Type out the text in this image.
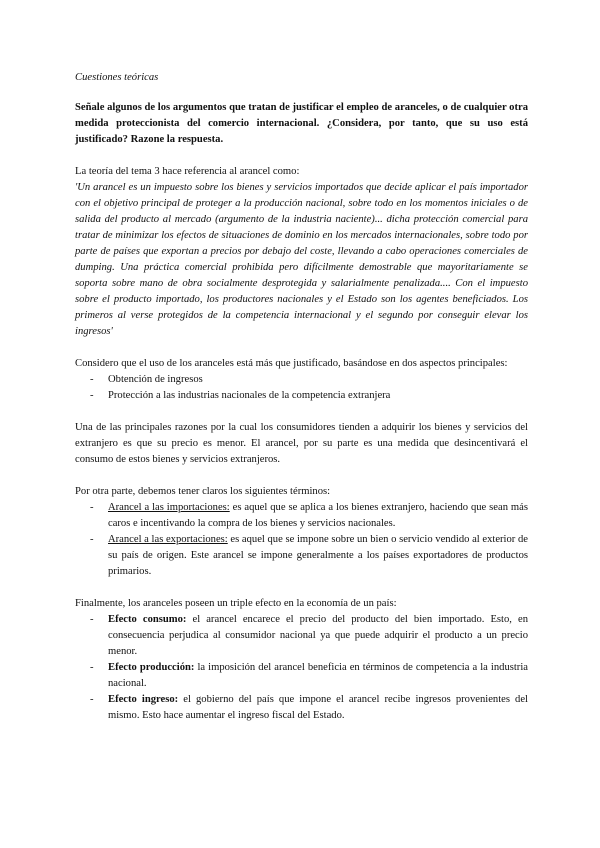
Cuestiones teóricas

Señale algunos de los argumentos que tratan de justificar el empleo de aranceles, o de cualquier otra medida proteccionista del comercio internacional. ¿Considera, por tanto, que su uso está justificado? Razone la respuesta.

La teoría del tema 3 hace referencia al arancel como:

'Un arancel es un impuesto sobre los bienes y servicios importados que decide aplicar el país importador con el objetivo principal de proteger a la producción nacional, sobre todo en los momentos iniciales o de salida del producto al mercado (argumento de la industria naciente)... dicha protección comercial para tratar de minimizar los efectos de situaciones de dominio en los mercados internacionales, sobre todo por parte de países que exportan a precios por debajo del coste, llevando a cabo operaciones comerciales de dumping. Una práctica comercial prohibida pero difícilmente demostrable que mayoritariamente se soporta sobre mano de obra socialmente desprotegida y salarialmente penalizada.... Con el impuesto sobre el producto importado, los productores nacionales y el Estado son los agentes beneficiados. Los primeros al verse protegidos de la competencia internacional y el segundo por conseguir elevar los ingresos'

Considero que el uso de los aranceles está más que justificado, basándose en dos aspectos principales:

- Obtención de ingresos
- Protección a las industrias nacionales de la competencia extranjera

Una de las principales razones por la cual los consumidores tienden a adquirir los bienes y servicios del extranjero es que su precio es menor. El arancel, por su parte es una medida que desincentivará el consumo de estos bienes y servicios extranjeros.

Por otra parte, debemos tener claros los siguientes términos:

- Arancel a las importaciones: es aquel que se aplica a los bienes extranjero, haciendo que sean más caros e incentivando la compra de los bienes y servicios nacionales.
- Arancel a las exportaciones: es aquel que se impone sobre un bien o servicio vendido al exterior de su país de origen. Este arancel se impone generalmente a los países exportadores de productos primarios.

Finalmente, los aranceles poseen un triple efecto en la economía de un país:

- Efecto consumo: el arancel encarece el precio del producto del bien importado. Esto, en consecuencia perjudica al consumidor nacional ya que puede adquirir el producto a un precio menor.
- Efecto producción: la imposición del arancel beneficia en términos de competencia a la industria nacional.
- Efecto ingreso: el gobierno del país que impone el arancel recibe ingresos provenientes del mismo. Esto hace aumentar el ingreso fiscal del Estado.
